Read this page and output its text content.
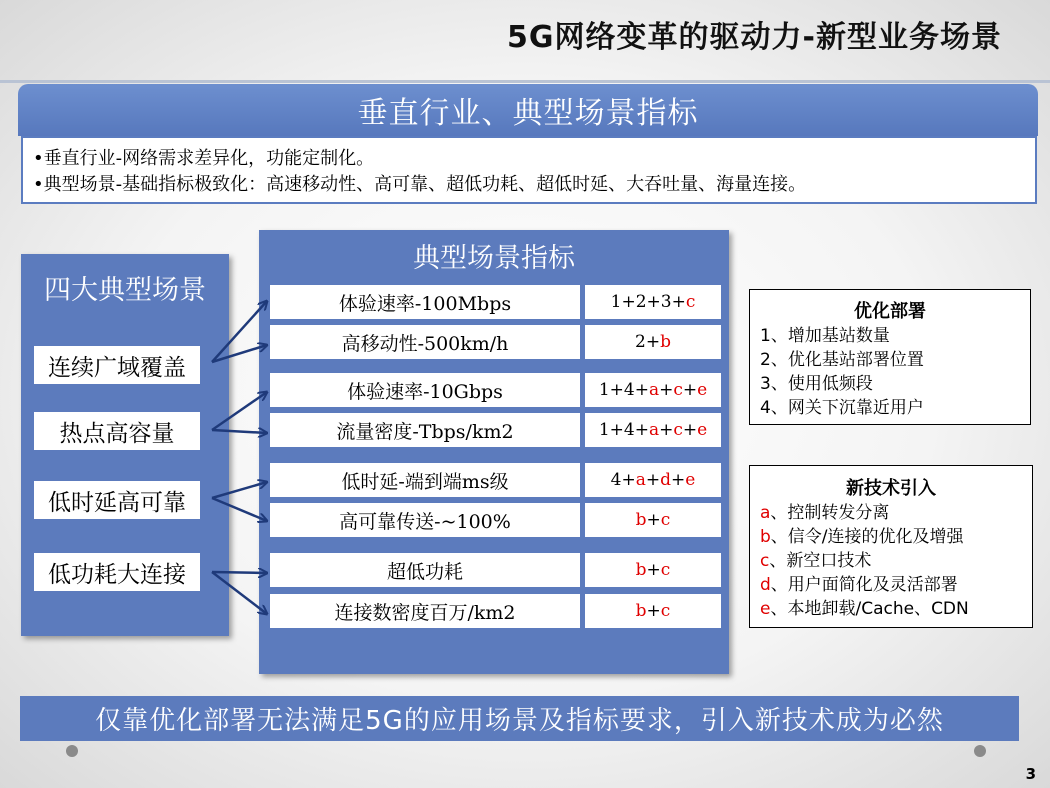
5G网络变革的驱动力-新型业务场景
垂直行业、典型场景指标
•垂直行业-网络需求差异化，功能定制化。
•典型场景-基础指标极致化：高速移动性、高可靠、超低功耗、超低时延、大吞吐量、海量连接。
四大典型场景
连续广域覆盖
热点高容量
低时延高可靠
低功耗大连接
典型场景指标
体验速率-100Mbps	1+2+3+ c
高移动性-500km/h	2+ b
体验速率-10Gbps	1+4+ a + c + e
流量密度-Tbps/km2	1+4+ a + c + e
低时延-端到端ms级	4+ a + d + e
高可靠传送-~100%	b + c
超低功耗	b + c
连接数密度百万/km2	b + c
优化部署
1、增加基站数量
2、优化基站部署位置
3、使用低频段
4、网关下沉靠近用户
新技术引入
a、控制转发分离
b、信令/连接的优化及增强
c、新空口技术
d、用户面简化及灵活部署
e、本地卸载/Cache、CDN
仅靠优化部署无法满足5G的应用场景及指标要求，引入新技术成为必然
3
